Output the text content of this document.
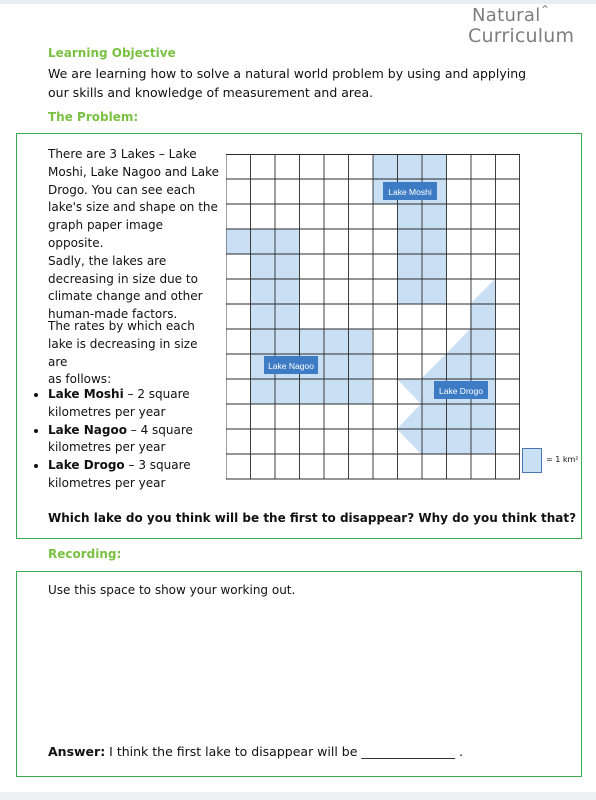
Natural ⌃
Curriculum
Learning Objective
We are learning how to solve a natural world problem by using and applying our skills and knowledge of measurement and area.
The Problem:
There are 3 Lakes – Lake
Moshi, Lake Nagoo and Lake
Drogo. You can see each
lake's size and shape on the
graph paper image opposite.
Sadly, the lakes are
decreasing in size due to
climate change and other
human-made factors.
The rates by which each
lake is decreasing in size are
as follows:
• Lake Moshi – 2 square
kilometres per year
• Lake Nagoo – 4 square
kilometres per year
• Lake Drogo – 3 square
kilometres per year
Lake Moshi
Lake Nagoo
Lake Drogo
= 1 km²
Which lake do you think will be the first to disappear? Why do you think that?
Recording:
Use this space to show your working out.
Answer: I think the first lake to disappear will be _______________ .
